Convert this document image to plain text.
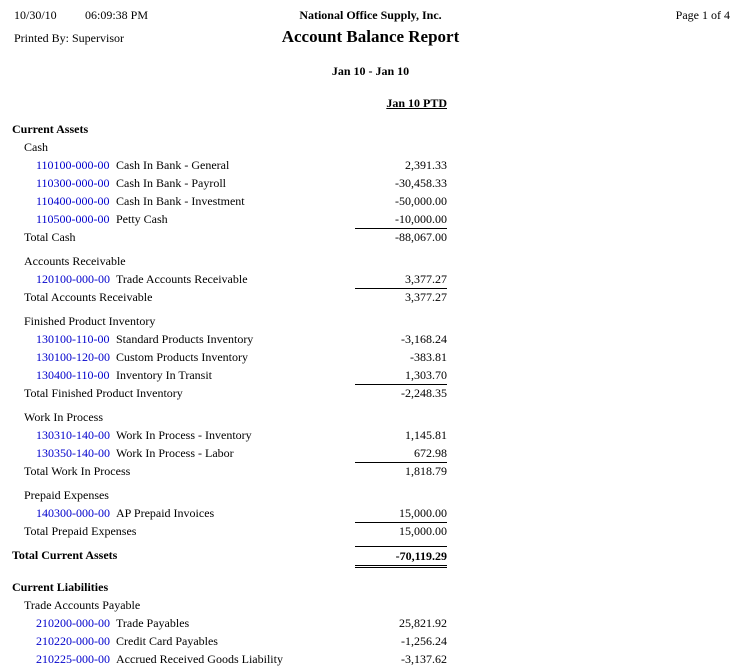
10/30/10 06:09:38 PM	National Office Supply, Inc.	Page 1 of 4
Printed By: Supervisor	Account Balance Report
Jan 10 - Jan 10
Jan 10 PTD
Current Assets
Cash
110100-000-00 Cash In Bank - General	2,391.33
110300-000-00 Cash In Bank - Payroll	-30,458.33
110400-000-00 Cash In Bank - Investment	-50,000.00
110500-000-00 Petty Cash	-10,000.00
Total Cash	-88,067.00
Accounts Receivable
120100-000-00 Trade Accounts Receivable	3,377.27
Total Accounts Receivable	3,377.27
Finished Product Inventory
130100-110-00 Standard Products Inventory	-3,168.24
130100-120-00 Custom Products Inventory	-383.81
130400-110-00 Inventory In Transit	1,303.70
Total Finished Product Inventory	-2,248.35
Work In Process
130310-140-00 Work In Process - Inventory	1,145.81
130350-140-00 Work In Process - Labor	672.98
Total Work In Process	1,818.79
Prepaid Expenses
140300-000-00 AP Prepaid Invoices	15,000.00
Total Prepaid Expenses	15,000.00
Total Current Assets	-70,119.29
Current Liabilities
Trade Accounts Payable
210200-000-00 Trade Payables	25,821.92
210220-000-00 Credit Card Payables	-1,256.24
210225-000-00 Accrued Received Goods Liability	-3,137.62
